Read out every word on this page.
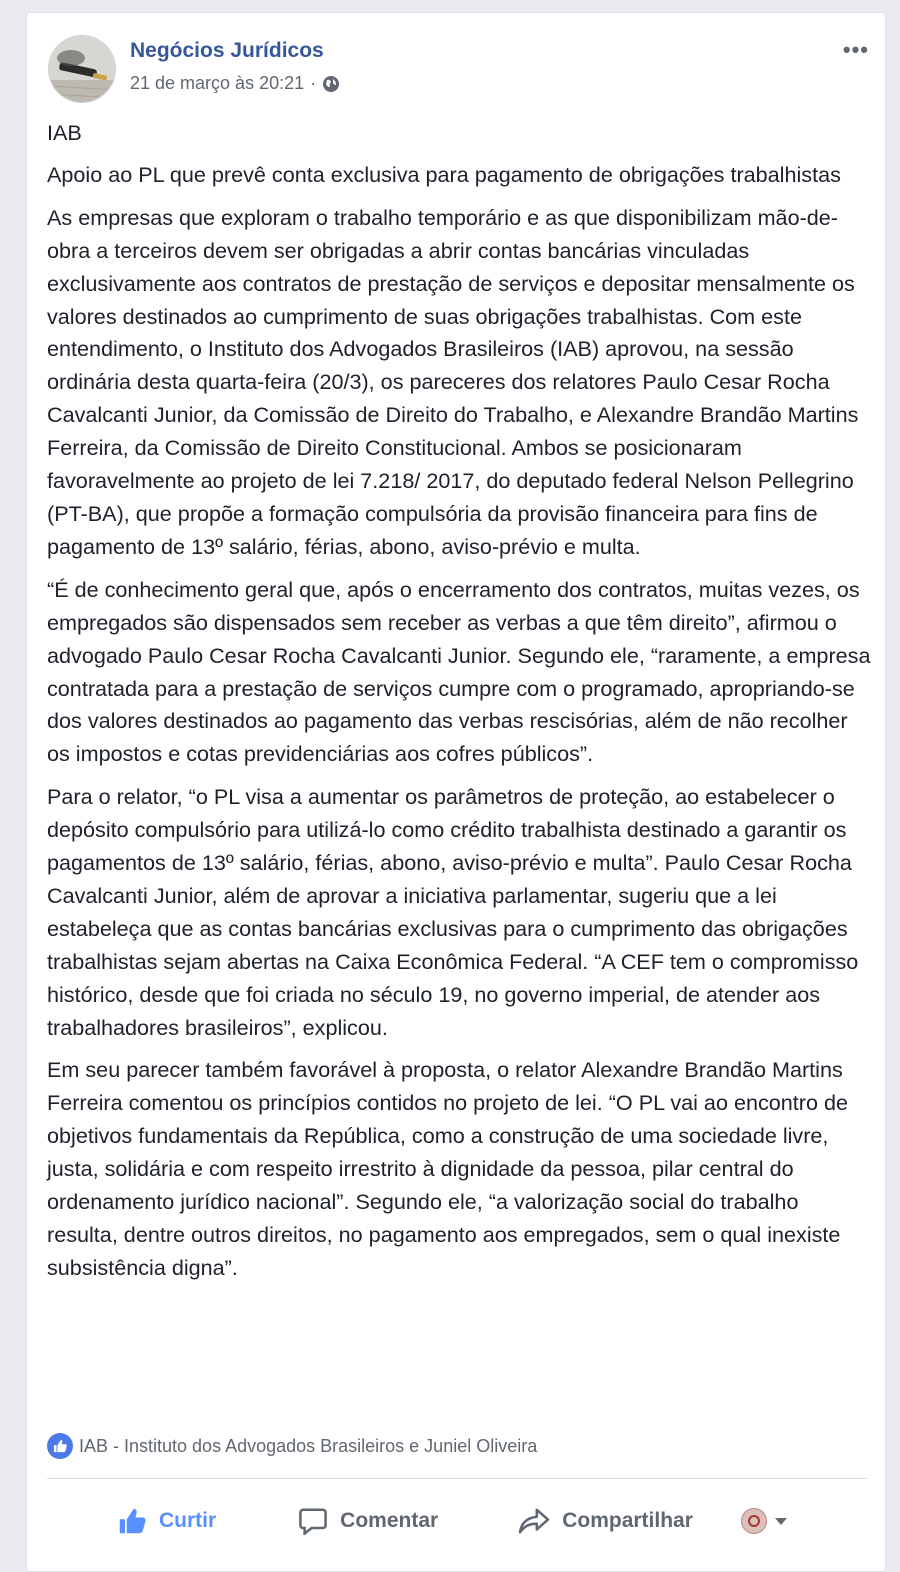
Negócios Jurídicos
21 de março às 20:21 ·
•••

IAB

Apoio ao PL que prevê conta exclusiva para pagamento de obrigações trabalhistas

As empresas que exploram o trabalho temporário e as que disponibilizam mão-de-obra a terceiros devem ser obrigadas a abrir contas bancárias vinculadas exclusivamente aos contratos de prestação de serviços e depositar mensalmente os valores destinados ao cumprimento de suas obrigações trabalhistas. Com este entendimento, o Instituto dos Advogados Brasileiros (IAB) aprovou, na sessão ordinária desta quarta-feira (20/3), os pareceres dos relatores Paulo Cesar Rocha Cavalcanti Junior, da Comissão de Direito do Trabalho, e Alexandre Brandão Martins Ferreira, da Comissão de Direito Constitucional. Ambos se posicionaram favoravelmente ao projeto de lei 7.218/ 2017, do deputado federal Nelson Pellegrino (PT-BA), que propõe a formação compulsória da provisão financeira para fins de pagamento de 13º salário, férias, abono, aviso-prévio e multa.

“É de conhecimento geral que, após o encerramento dos contratos, muitas vezes, os empregados são dispensados sem receber as verbas a que têm direito”, afirmou o advogado Paulo Cesar Rocha Cavalcanti Junior. Segundo ele, “raramente, a empresa contratada para a prestação de serviços cumpre com o programado, apropriando-se dos valores destinados ao pagamento das verbas rescisórias, além de não recolher os impostos e cotas previdenciárias aos cofres públicos”.

Para o relator, “o PL visa a aumentar os parâmetros de proteção, ao estabelecer o depósito compulsório para utilizá-lo como crédito trabalhista destinado a garantir os pagamentos de 13º salário, férias, abono, aviso-prévio e multa”. Paulo Cesar Rocha Cavalcanti Junior, além de aprovar a iniciativa parlamentar, sugeriu que a lei estabeleça que as contas bancárias exclusivas para o cumprimento das obrigações trabalhistas sejam abertas na Caixa Econômica Federal. “A CEF tem o compromisso histórico, desde que foi criada no século 19, no governo imperial, de atender aos trabalhadores brasileiros”, explicou.

Em seu parecer também favorável à proposta, o relator Alexandre Brandão Martins Ferreira comentou os princípios contidos no projeto de lei. “O PL vai ao encontro de objetivos fundamentais da República, como a construção de uma sociedade livre, justa, solidária e com respeito irrestrito à dignidade da pessoa, pilar central do ordenamento jurídico nacional”. Segundo ele, “a valorização social do trabalho resulta, dentre outros direitos, no pagamento aos empregados, sem o qual inexiste subsistência digna”.

IAB - Instituto dos Advogados Brasileiros e Juniel Oliveira
Curtir	Comentar	Compartilhar
